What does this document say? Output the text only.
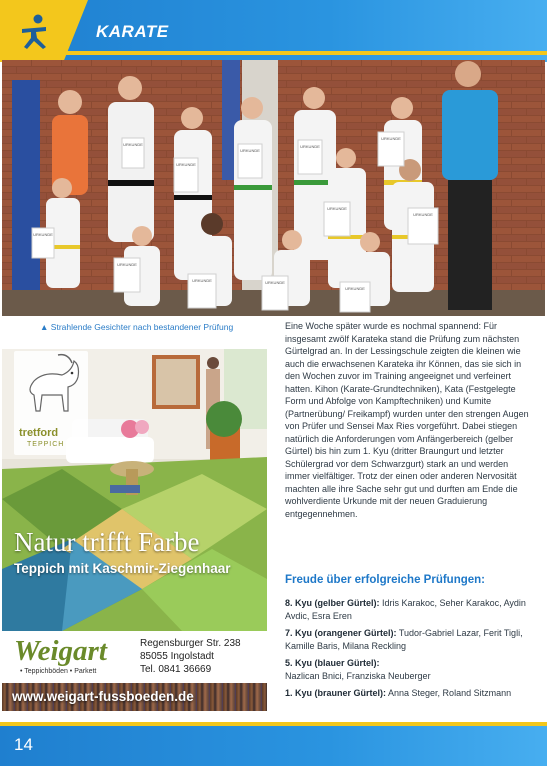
KARATE
URKUNDE
URKUNDE
URKUNDE
URKUNDE
URKUNDE
URKUNDE
URKUNDE
URKUNDE	URKUNDE
URKUNDE
URKUNDE
URKUNDE
▲ Strahlende Gesichter nach bestandener Prüfung
tretford
TEPPICH
Natur trifft Farbe
Teppich mit Kaschmir-Ziegenhaar
Weigart
• Teppichböden • Parkett
Regensburger Str. 238
85055 Ingolstadt
Tel. 0841 36669
www.weigart-fussboeden.de

Eine Woche später wurde es nochmal spannend: Für insgesamt zwölf Karateka stand die Prüfung zum nächsten Gürtelgrad an. In der Lessingschule zeigten die kleinen wie auch die erwachsenen Karateka ihr Können, das sie sich in den Wochen zuvor im Training angeeignet und verfeinert hatten. Kihon (Karate-Grundtechniken), Kata (Festgelegte Form und Abfolge von Kampftechniken) und Kumite (Partnerübung/ Freikampf) wurden unter den strengen Augen von Prüfer und Sensei Max Ries vorgeführt. Dabei stiegen natürlich die Anforderungen vom Anfängerbereich (gelber Gürtel) bis hin zum 1. Kyu (dritter Braungurt und letzter Schülergrad vor dem Schwarzgurt) stark an und werden immer vielfältiger. Trotz der einen oder anderen Nervosität machten alle ihre Sache sehr gut und durften am Ende die wohlverdiente Urkunde mit der neuen Graduierung entgegennehmen.

Freude über erfolgreiche Prüfungen:
8. Kyu (gelber Gürtel): Idris Karakoc, Seher Karakoc, Aydin Avdic, Esra Eren
7. Kyu (orangener Gürtel): Tudor-Gabriel Lazar, Ferit Tigli, Kamille Baris, Milana Reckling
5. Kyu (blauer Gürtel):
Nazlican Bnici, Franziska Neuberger
1. Kyu (brauner Gürtel): Anna Steger, Roland Sitzmann
14
